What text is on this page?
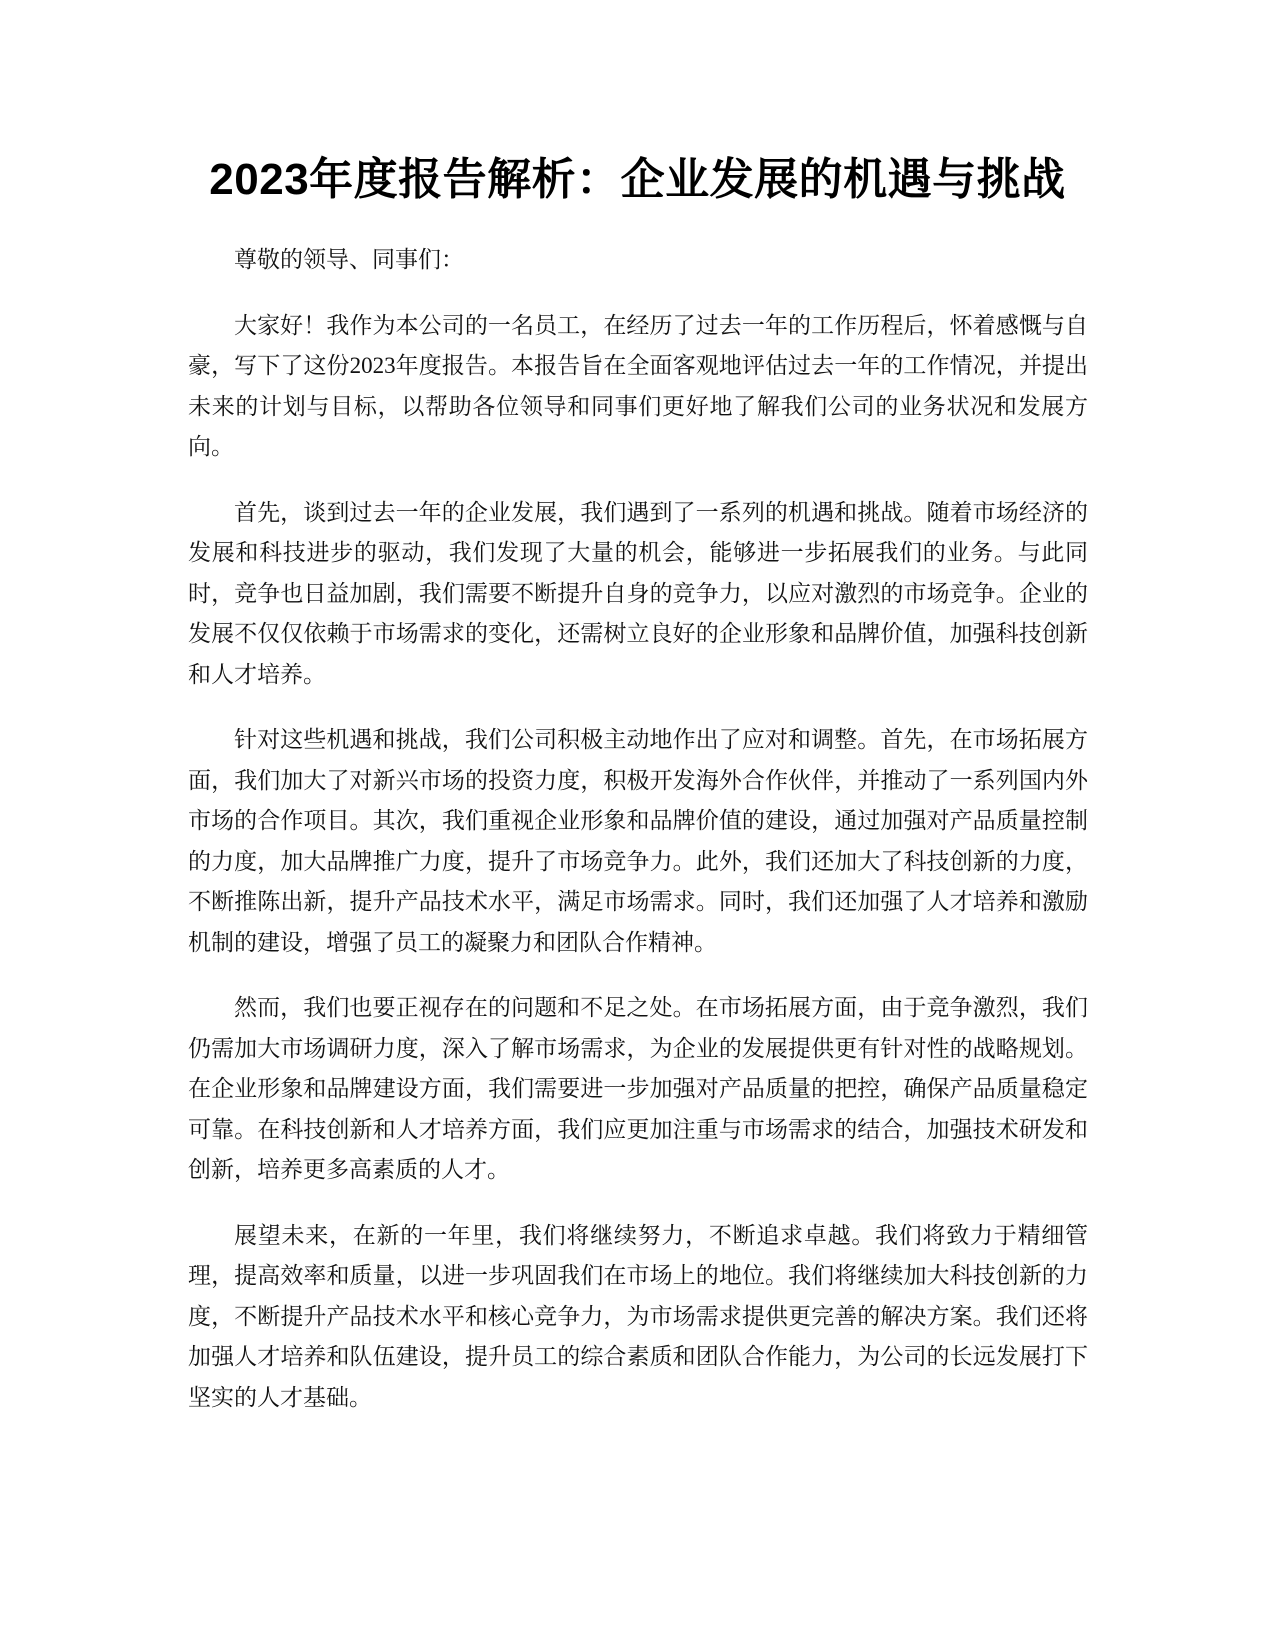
2023年度报告解析：企业发展的机遇与挑战

尊敬的领导、同事们：

大家好！我作为本公司的一名员工，在经历了过去一年的工作历程后，怀着感慨与自豪，写下了这份2023年度报告。本报告旨在全面客观地评估过去一年的工作情况，并提出未来的计划与目标，以帮助各位领导和同事们更好地了解我们公司的业务状况和发展方向。

首先，谈到过去一年的企业发展，我们遇到了一系列的机遇和挑战。随着市场经济的发展和科技进步的驱动，我们发现了大量的机会，能够进一步拓展我们的业务。与此同时，竞争也日益加剧，我们需要不断提升自身的竞争力，以应对激烈的市场竞争。企业的发展不仅仅依赖于市场需求的变化，还需树立良好的企业形象和品牌价值，加强科技创新和人才培养。

针对这些机遇和挑战，我们公司积极主动地作出了应对和调整。首先，在市场拓展方面，我们加大了对新兴市场的投资力度，积极开发海外合作伙伴，并推动了一系列国内外市场的合作项目。其次，我们重视企业形象和品牌价值的建设，通过加强对产品质量控制的力度，加大品牌推广力度，提升了市场竞争力。此外，我们还加大了科技创新的力度，不断推陈出新，提升产品技术水平，满足市场需求。同时，我们还加强了人才培养和激励机制的建设，增强了员工的凝聚力和团队合作精神。

然而，我们也要正视存在的问题和不足之处。在市场拓展方面，由于竞争激烈，我们仍需加大市场调研力度，深入了解市场需求，为企业的发展提供更有针对性的战略规划。在企业形象和品牌建设方面，我们需要进一步加强对产品质量的把控，确保产品质量稳定可靠。在科技创新和人才培养方面，我们应更加注重与市场需求的结合，加强技术研发和创新，培养更多高素质的人才。

展望未来，在新的一年里，我们将继续努力，不断追求卓越。我们将致力于精细管理，提高效率和质量，以进一步巩固我们在市场上的地位。我们将继续加大科技创新的力度，不断提升产品技术水平和核心竞争力，为市场需求提供更完善的解决方案。我们还将加强人才培养和队伍建设，提升员工的综合素质和团队合作能力，为公司的长远发展打下坚实的人才基础。
